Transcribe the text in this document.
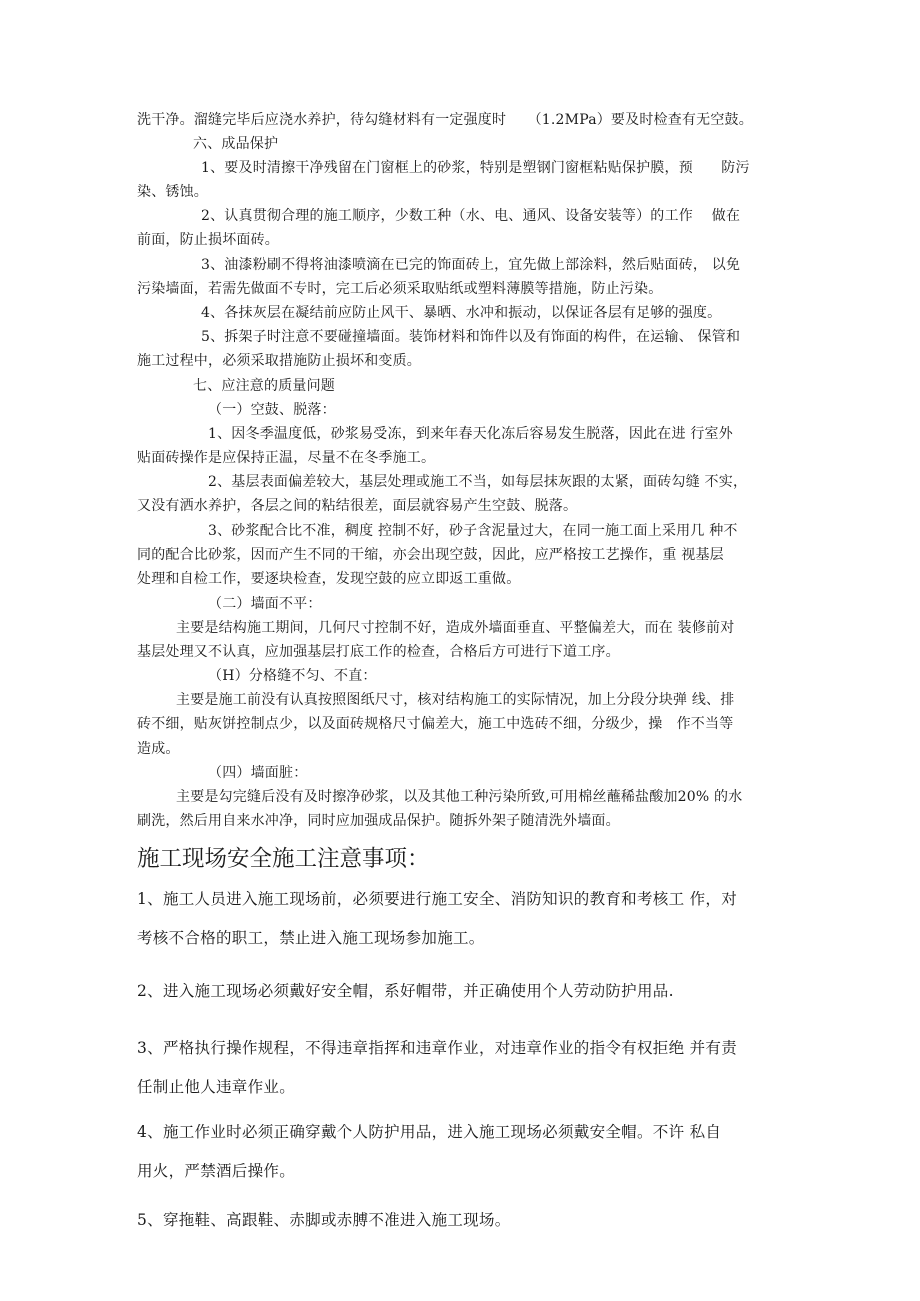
洗干净。溜缝完毕后应浇水养护，待勾缝材料有一定强度时　　（1.2MPa）要及时检查有无空鼓。
六、成品保护
1、要及时清擦干净残留在门窗框上的砂浆，特别是塑钢门窗框粘贴保护膜，预　　防污
染、锈蚀。
2、认真贯彻合理的施工顺序，少数工种（水、电、通风、设备安装等）的工作　 做在
前面，防止损坏面砖。
3、油漆粉刷不得将油漆喷滴在已完的饰面砖上，宜先做上部涂料，然后贴面砖， 以免
污染墙面，若需先做面不专时，完工后必须采取贴纸或塑料薄膜等措施，防止污染。
4、各抹灰层在凝结前应防止风干、暴晒、水冲和振动，以保证各层有足够的强度。
5、拆架子时注意不要碰撞墙面。装饰材料和饰件以及有饰面的构件，在运输、 保管和
施工过程中，必须采取措施防止损坏和变质。
七、应注意的质量问题
（一）空鼓、脱落：
1、因冬季温度低，砂浆易受冻，到来年春天化冻后容易发生脱落，因此在进 行室外
贴面砖操作是应保持正温，尽量不在冬季施工。
2、基层表面偏差较大，基层处理或施工不当，如每层抹灰跟的太紧，面砖勾缝 不实，
又没有洒水养护，各层之间的粘结很差，面层就容易产生空鼓、脱落。
3、砂浆配合比不准，稠度 控制不好，砂子含泥量过大，在同一施工面上采用几 种不
同的配合比砂浆，因而产生不同的干缩，亦会出现空鼓，因此，应严格按工艺操作，重 视基层
处理和自检工作，要逐块检查，发现空鼓的应立即返工重做。
（二）墙面不平：
主要是结构施工期间，几何尺寸控制不好，造成外墙面垂直、平整偏差大，而在 装修前对
基层处理又不认真，应加强基层打底工作的检查，合格后方可进行下道工序。
（H）分格缝不匀、不直：
主要是施工前没有认真按照图纸尺寸，核对结构施工的实际情况，加上分段分块弹 线、排
砖不细，贴灰饼控制点少，以及面砖规格尺寸偏差大，施工中选砖不细，分级少，操　作不当等
造成。
（四）墙面脏：
主要是勾完缝后没有及时擦净砂浆，以及其他工种污染所致,可用棉丝蘸稀盐酸加20% 的水
刷洗，然后用自来水冲净，同时应加强成品保护。随拆外架子随清洗外墙面。
施工现场安全施工注意事项：
1、施工人员进入施工现场前，必须要进行施工安全、消防知识的教育和考核工 作，对
考核不合格的职工，禁止进入施工现场参加施工。
2、进入施工现场必须戴好安全帽，系好帽带，并正确使用个人劳动防护用品.
3、严格执行操作规程，不得违章指挥和违章作业，对违章作业的指令有权拒绝 并有责
任制止他人违章作业。
4、施工作业时必须正确穿戴个人防护用品，进入施工现场必须戴安全帽。不许 私自
用火，严禁酒后操作。
5、穿拖鞋、高跟鞋、赤脚或赤膊不准进入施工现场。
